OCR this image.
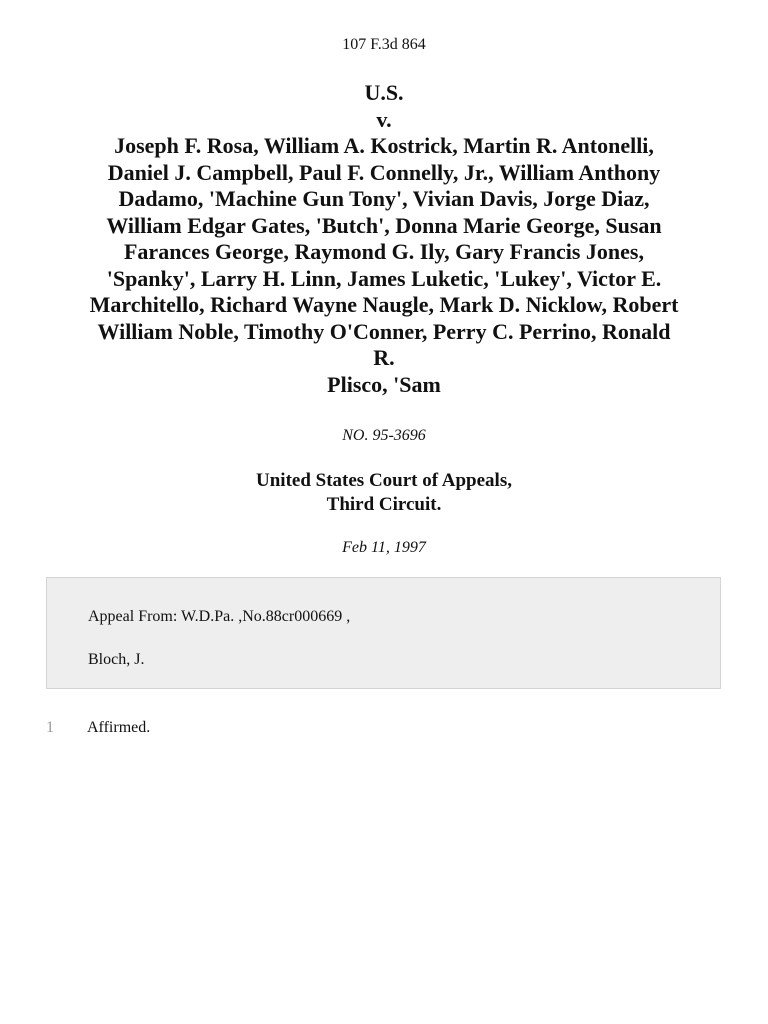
107 F.3d 864
U.S.
v.
Joseph F. Rosa, William A. Kostrick, Martin R. Antonelli,
Daniel J. Campbell, Paul F. Connelly, Jr., William Anthony
Dadamo, 'Machine Gun Tony', Vivian Davis, Jorge Diaz,
William Edgar Gates, 'Butch', Donna Marie George, Susan
Farances George, Raymond G. Ily, Gary Francis Jones,
'Spanky', Larry H. Linn, James Luketic, 'Lukey', Victor E.
Marchitello, Richard Wayne Naugle, Mark D. Nicklow, Robert
William Noble, Timothy O'Conner, Perry C. Perrino, Ronald
R.
Plisco, 'Sam
NO. 95-3696
United States Court of Appeals,
Third Circuit.
Feb 11, 1997
Appeal From: W.D.Pa. ,No.88cr000669 ,
Bloch, J.
1 Affirmed.
